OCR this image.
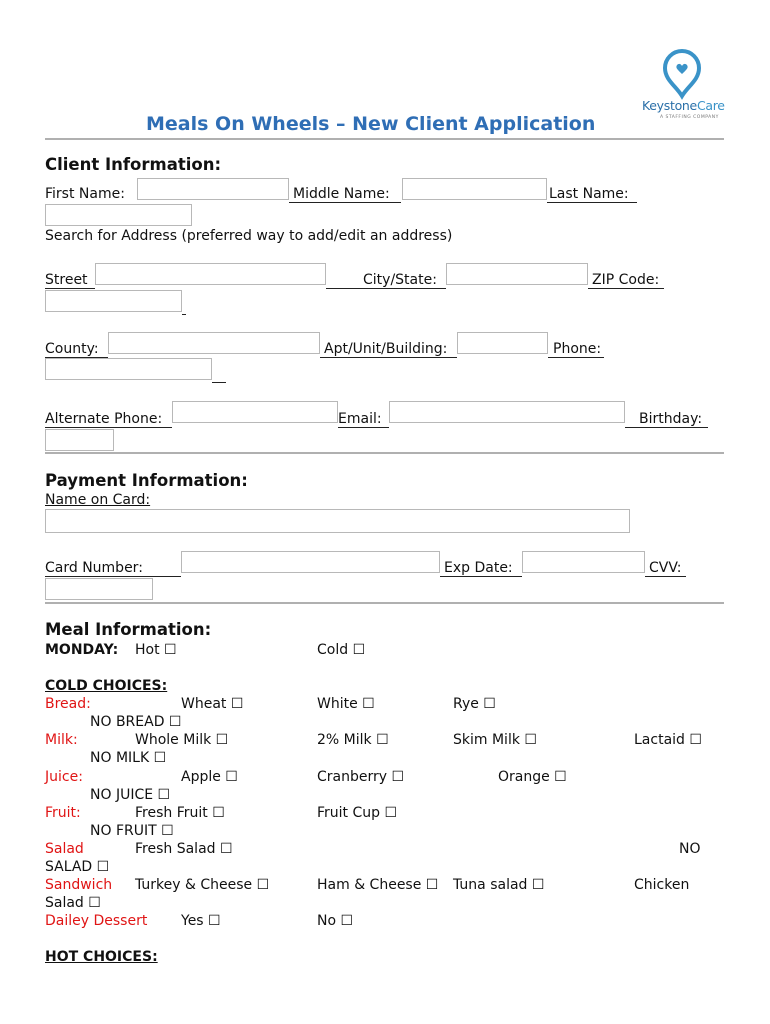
KeystoneCare
A STAFFING COMPANY
Meals On Wheels – New Client Application
Client Information:
First Name:	Middle Name:	Last Name:
Search for Address (preferred way to add/edit an address)
Street	City/State:	ZIP Code:
County:	Apt/Unit/Building:	Phone:
Alternate Phone:	Email:	Birthday:
Payment Information:
Name on Card:
Card Number:	Exp Date:	CVV:
Meal Information:
MONDAY: Hot ☐	Cold ☐
COLD CHOICES:
Bread:	Wheat ☐	White ☐	Rye ☐
NO BREAD ☐
Milk:	Whole Milk ☐	2% Milk ☐	Skim Milk ☐	Lactaid ☐
NO MILK ☐
Juice:	Apple ☐	Cranberry ☐	Orange ☐
NO JUICE ☐
Fruit:	Fresh Fruit ☐	Fruit Cup ☐
NO FRUIT ☐
Salad	Fresh Salad ☐	NO
SALAD ☐
Sandwich Turkey & Cheese ☐	Ham & Cheese ☐ Tuna salad ☐	Chicken
Salad ☐
Dailey Dessert Yes ☐	No ☐
HOT CHOICES:
